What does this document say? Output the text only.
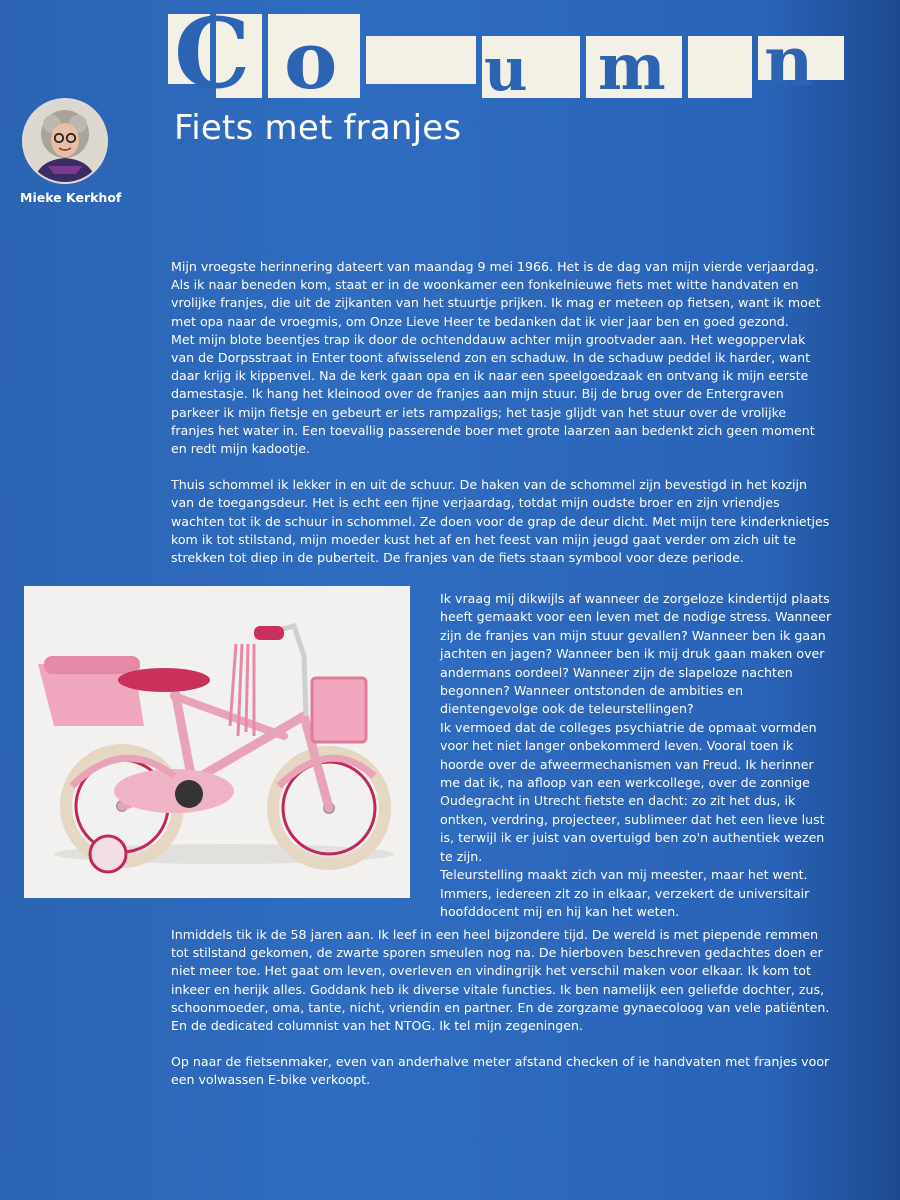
C o u m n
Mieke Kerkhof
Fiets met franjes

Mijn vroegste herinnering dateert van maandag 9 mei 1966. Het is de dag van mijn vierde verjaardag. Als ik naar beneden kom, staat er in de woonkamer een fonkelnieuwe fiets met witte handvaten en vrolijke franjes, die uit de zijkanten van het stuurtje prijken. Ik mag er meteen op fietsen, want ik moet met opa naar de vroegmis, om Onze Lieve Heer te bedanken dat ik vier jaar ben en goed gezond.

Met mijn blote beentjes trap ik door de ochtenddauw achter mijn grootvader aan. Het wegoppervlak van de Dorpsstraat in Enter toont afwisselend zon en schaduw. In de schaduw peddel ik harder, want daar krijg ik kippenvel. Na de kerk gaan opa en ik naar een speelgoedzaak en ontvang ik mijn eerste damestasje. Ik hang het kleinood over de franjes aan mijn stuur. Bij de brug over de Entergraven parkeer ik mijn fietsje en gebeurt er iets rampzaligs; het tasje glijdt van het stuur over de vrolijke franjes het water in. Een toevallig passerende boer met grote laarzen aan bedenkt zich geen moment en redt mijn kadootje.

Thuis schommel ik lekker in en uit de schuur. De haken van de schommel zijn bevestigd in het kozijn van de toegangsdeur. Het is echt een fijne verjaardag, totdat mijn oudste broer en zijn vriendjes wachten tot ik de schuur in schommel. Ze doen voor de grap de deur dicht. Met mijn tere kinderknietjes kom ik tot stilstand, mijn moeder kust het af en het feest van mijn jeugd gaat verder om zich uit te strekken tot diep in de puberteit. De franjes van de fiets staan symbool voor deze periode.

Ik vraag mij dikwijls af wanneer de zorgeloze kindertijd plaats heeft gemaakt voor een leven met de nodige stress. Wanneer zijn de franjes van mijn stuur gevallen? Wanneer ben ik gaan jachten en jagen? Wanneer ben ik mij druk gaan maken over andermans oordeel? Wanneer zijn de slapeloze nachten begonnen? Wanneer ontstonden de ambities en dientengevolge ook de teleurstellingen?

Ik vermoed dat de colleges psychiatrie de opmaat vormden voor het niet langer onbekommerd leven. Vooral toen ik hoorde over de afweermechanismen van Freud. Ik herinner me dat ik, na afloop van een werkcollege, over de zonnige Oudegracht in Utrecht fietste en dacht: zo zit het dus, ik ontken, verdring, projecteer, sublimeer dat het een lieve lust is, terwijl ik er juist van overtuigd ben zo'n authentiek wezen te zijn.

Teleurstelling maakt zich van mij meester, maar het went. Immers, iedereen zit zo in elkaar, verzekert de universitair hoofddocent mij en hij kan het weten.

Inmiddels tik ik de 58 jaren aan. Ik leef in een heel bijzondere tijd. De wereld is met piepende remmen tot stilstand gekomen, de zwarte sporen smeulen nog na. De hierboven beschreven gedachtes doen er niet meer toe. Het gaat om leven, overleven en vindingrijk het verschil maken voor elkaar. Ik kom tot inkeer en herijk alles. Goddank heb ik diverse vitale functies. Ik ben namelijk een geliefde dochter, zus, schoonmoeder, oma, tante, nicht, vriendin en partner. En de zorgzame gynaecoloog van vele patiënten. En de dedicated columnist van het NTOG. Ik tel mijn zegeningen.

Op naar de fietsenmaker, even van anderhalve meter afstand checken of ie handvaten met franjes voor een volwassen E-bike verkoopt.
